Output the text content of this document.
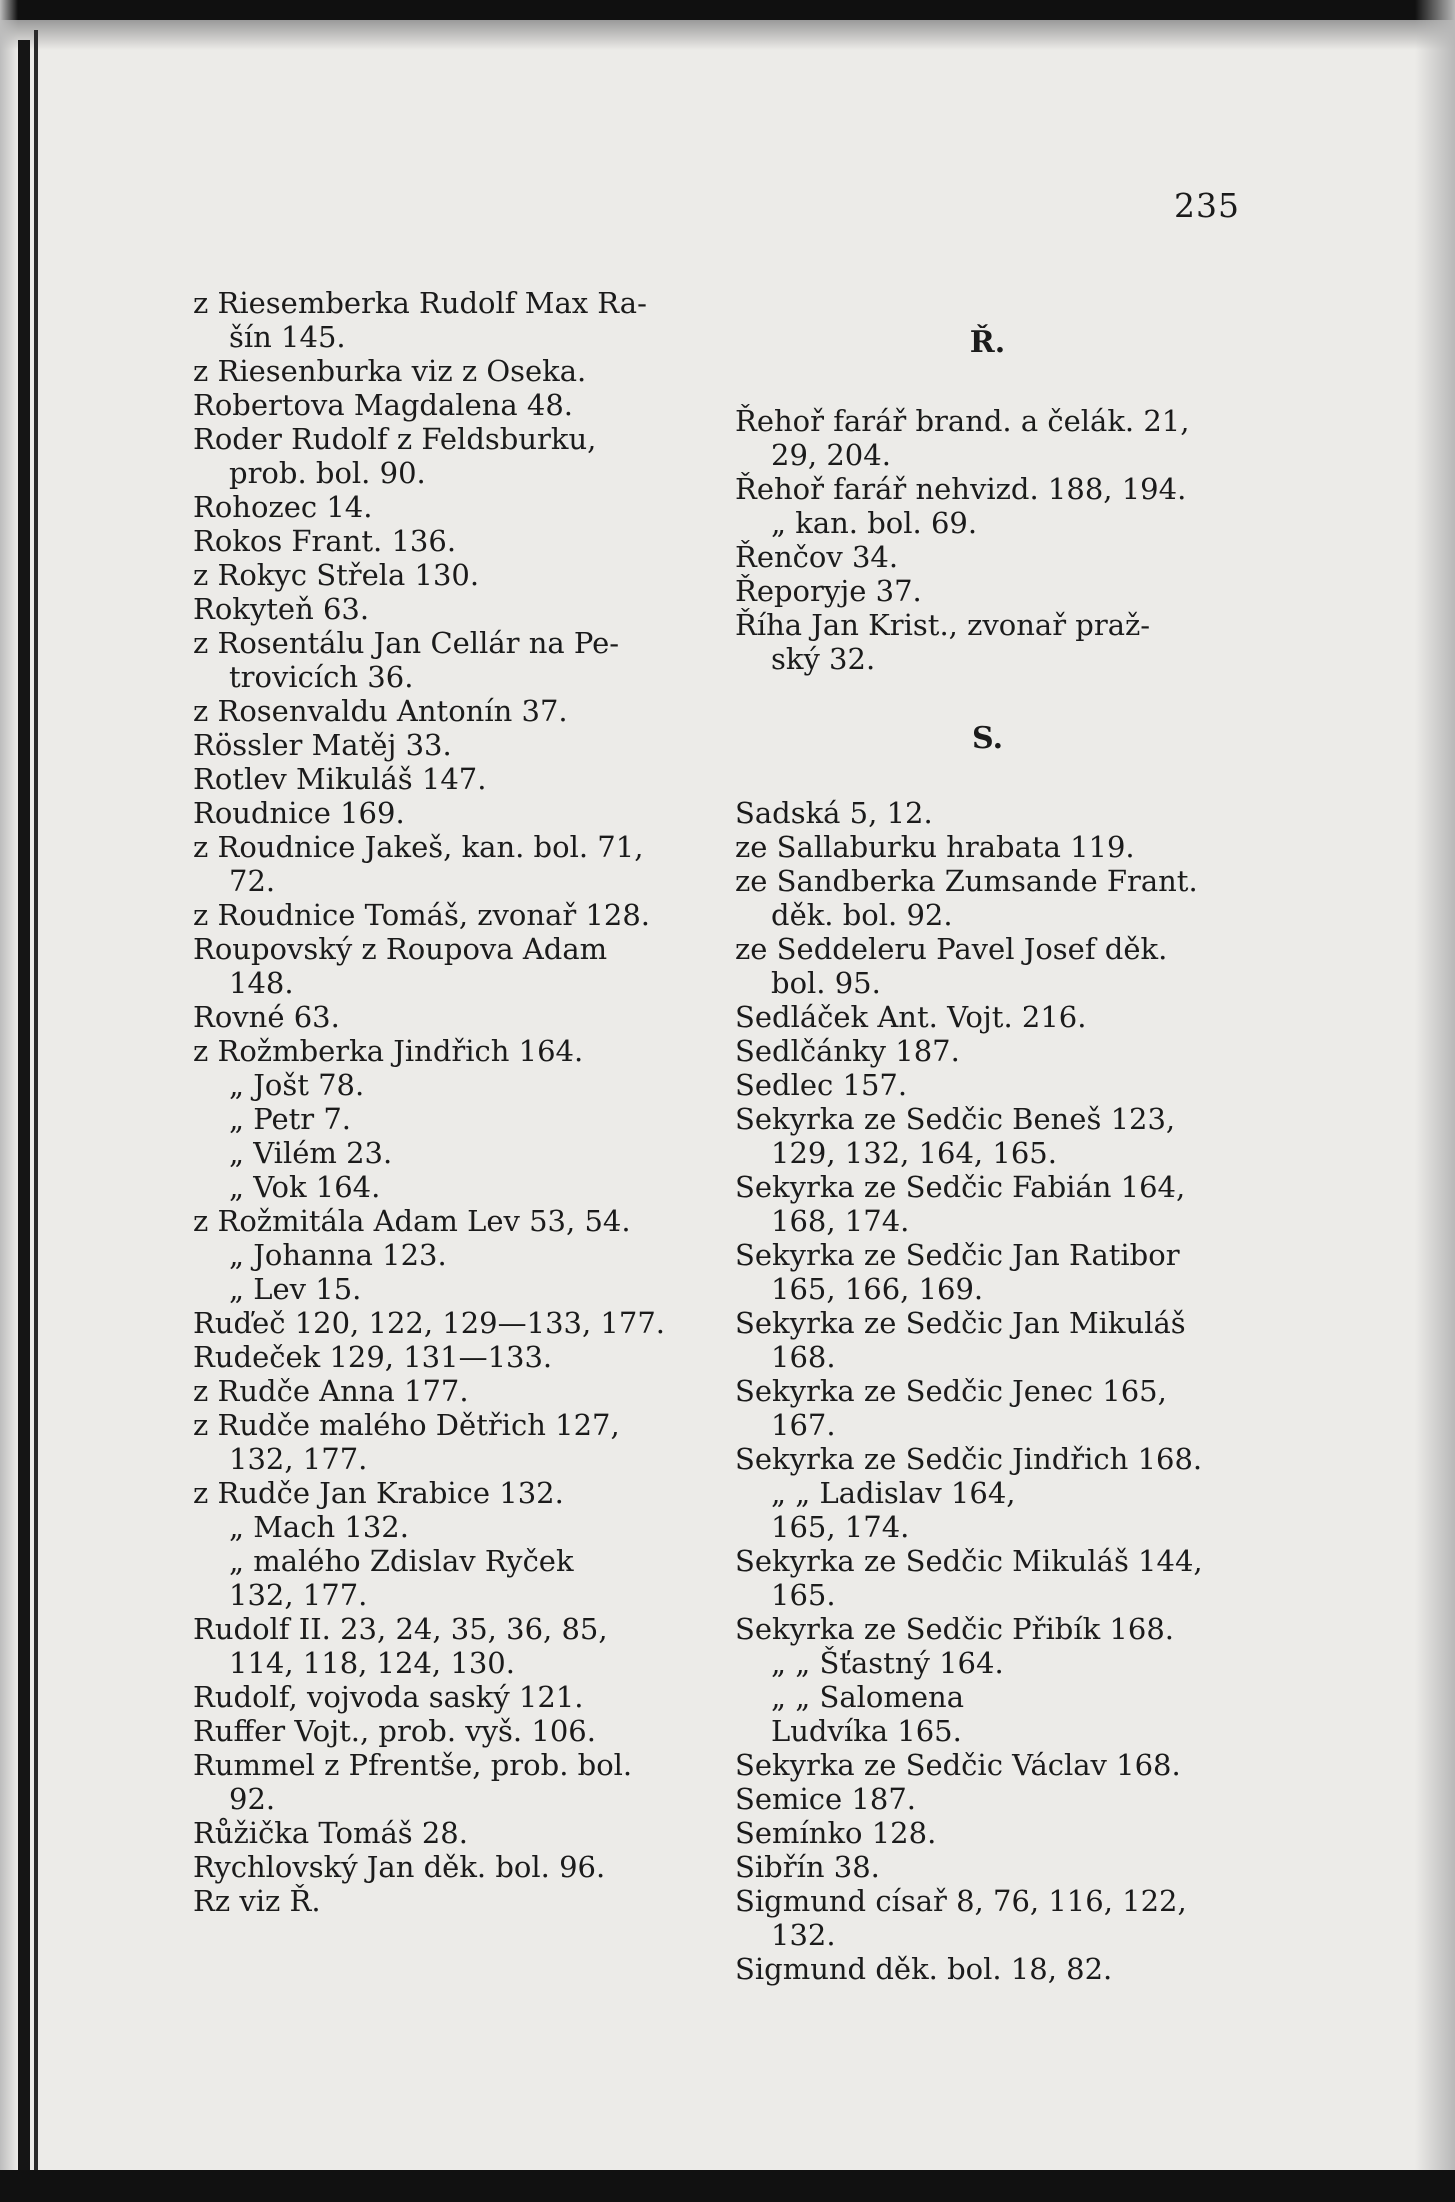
235
z Riesemberka Rudolf Max Ra-
šín 145.
z Riesenburka viz z Oseka.
Robertova Magdalena 48.
Roder Rudolf z Feldsburku,
prob. bol. 90.
Rohozec 14.
Rokos Frant. 136.
z Rokyc Střela 130.
Rokyteň 63.
z Rosentálu Jan Cellár na Pe-
trovicích 36.
z Rosenvaldu Antonín 37.
Rössler Matěj 33.
Rotlev Mikuláš 147.
Roudnice 169.
z Roudnice Jakeš, kan. bol. 71,
72.
z Roudnice Tomáš, zvonař 128.
Roupovský z Roupova Adam
148.
Rovné 63.
z Rožmberka Jindřich 164.
„ Jošt 78.
„ Petr 7.
„ Vilém 23.
„ Vok 164.
z Rožmitála Adam Lev 53, 54.
„ Johanna 123.
„ Lev 15.
Ruďeč 120, 122, 129—133, 177.
Rudeček 129, 131—133.
z Rudče Anna 177.
z Rudče malého Dětřich 127,
132, 177.
z Rudče Jan Krabice 132.
„ Mach 132.
„ malého Zdislav Ryček
132, 177.
Rudolf II. 23, 24, 35, 36, 85,
114, 118, 124, 130.
Rudolf, vojvoda saský 121.
Ruffer Vojt., prob. vyš. 106.
Rummel z Pfrentše, prob. bol.
92.
Růžička Tomáš 28.
Rychlovský Jan děk. bol. 96.
Rz viz Ř.
Ř.
Řehoř farář brand. a čelák. 21,
29, 204.
Řehoř farář nehvizd. 188, 194.
„ kan. bol. 69.
Řenčov 34.
Řeporyje 37.
Říha Jan Krist., zvonař praž-
ský 32.
S.
Sadská 5, 12.
ze Sallaburku hrabata 119.
ze Sandberka Zumsande Frant.
děk. bol. 92.
ze Seddeleru Pavel Josef děk.
bol. 95.
Sedláček Ant. Vojt. 216.
Sedlčánky 187.
Sedlec 157.
Sekyrka ze Sedčic Beneš 123,
129, 132, 164, 165.
Sekyrka ze Sedčic Fabián 164,
168, 174.
Sekyrka ze Sedčic Jan Ratibor
165, 166, 169.
Sekyrka ze Sedčic Jan Mikuláš
168.
Sekyrka ze Sedčic Jenec 165,
167.
Sekyrka ze Sedčic Jindřich 168.
„ „ Ladislav 164,
165, 174.
Sekyrka ze Sedčic Mikuláš 144,
165.
Sekyrka ze Sedčic Přibík 168.
„ „ Šťastný 164.
„ „ Salomena
Ludvíka 165.
Sekyrka ze Sedčic Václav 168.
Semice 187.
Semínko 128.
Sibřín 38.
Sigmund císař 8, 76, 116, 122,
132.
Sigmund děk. bol. 18, 82.
